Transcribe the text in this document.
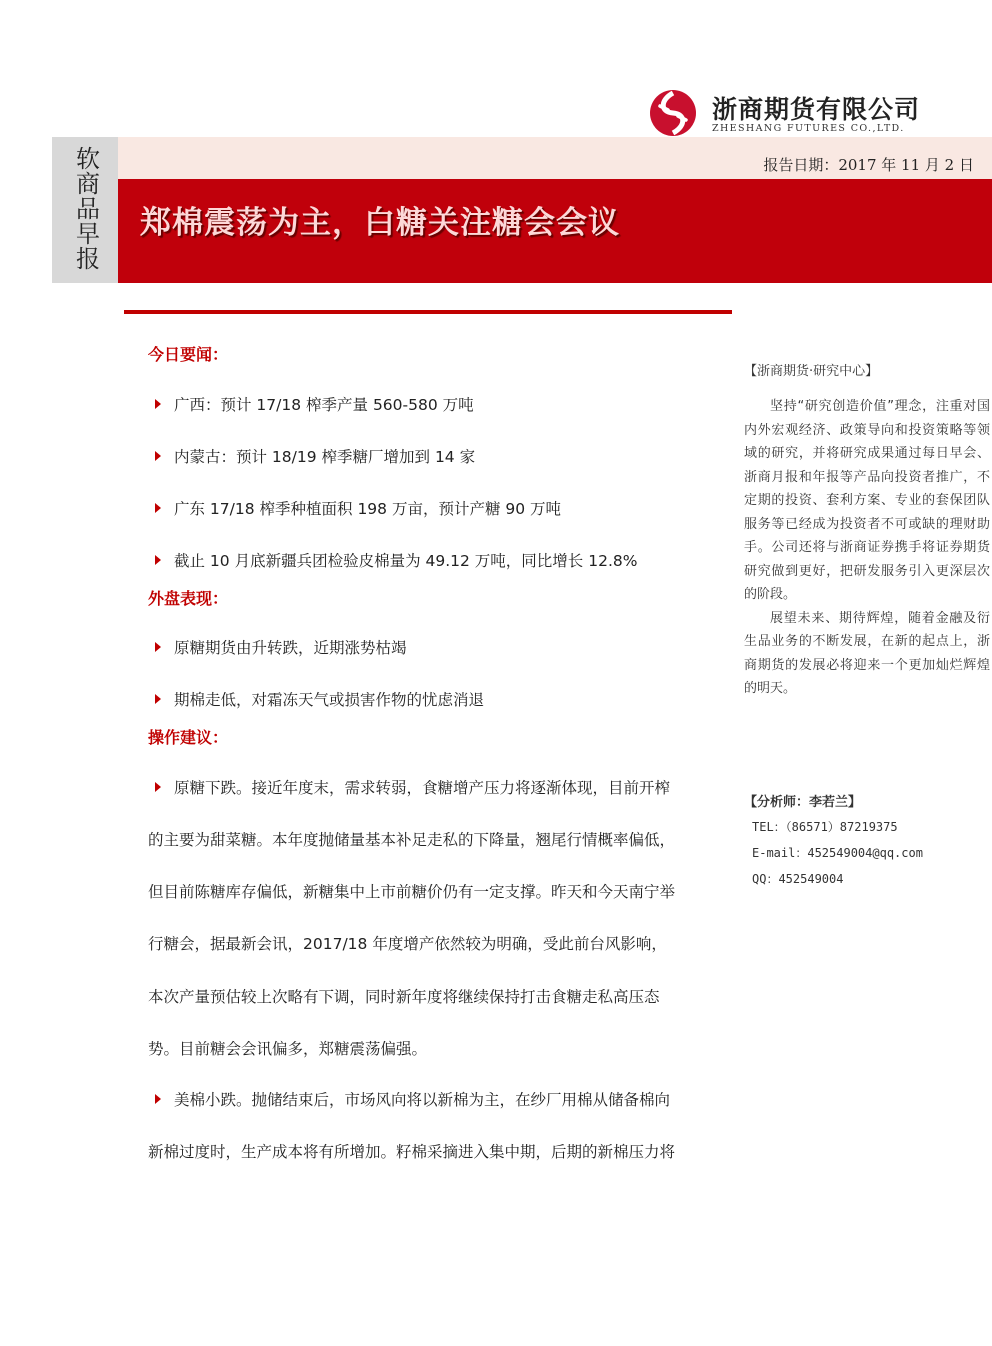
浙商期货有限公司
ZHESHANG FUTURES CO.,LTD.
软商品早报
报告日期：2017 年 11 月 2 日
郑棉震荡为主，白糖关注糖会会议
今日要闻：
广西：预计 17/18 榨季产量 560-580 万吨
内蒙古：预计 18/19 榨季糖厂增加到 14 家
广东 17/18 榨季种植面积 198 万亩，预计产糖 90 万吨
截止 10 月底新疆兵团检验皮棉量为 49.12 万吨，同比增长 12.8%
外盘表现：
原糖期货由升转跌，近期涨势枯竭
期棉走低，对霜冻天气或损害作物的忧虑消退
操作建议：
原糖下跌。接近年度末，需求转弱，食糖增产压力将逐渐体现，目前开榨
的主要为甜菜糖。本年度抛储量基本补足走私的下降量，翘尾行情概率偏低，
但目前陈糖库存偏低，新糖集中上市前糖价仍有一定支撑。昨天和今天南宁举
行糖会，据最新会讯，2017/18 年度增产依然较为明确，受此前台风影响，
本次产量预估较上次略有下调，同时新年度将继续保持打击食糖走私高压态
势。目前糖会会讯偏多，郑糖震荡偏强。
美棉小跌。抛储结束后，市场风向将以新棉为主，在纱厂用棉从储备棉向
新棉过度时，生产成本将有所增加。籽棉采摘进入集中期，后期的新棉压力将
【浙商期货·研究中心】

坚持“研究创造价值”理念，注重对国内外宏观经济、政策导向和投资策略等领域的研究，并将研究成果通过每日早会、浙商月报和年报等产品向投资者推广，不定期的投资、套利方案、专业的套保团队服务等已经成为投资者不可或缺的理财助手。公司还将与浙商证券携手将证券期货研究做到更好，把研发服务引入更深层次的阶段。

展望未来、期待辉煌，随着金融及衍生品业务的不断发展，在新的起点上，浙商期货的发展必将迎来一个更加灿烂辉煌的明天。

【分析师：李若兰】
TEL：（86571）87219375
E-mail：452549004@qq.com
QQ：452549004
